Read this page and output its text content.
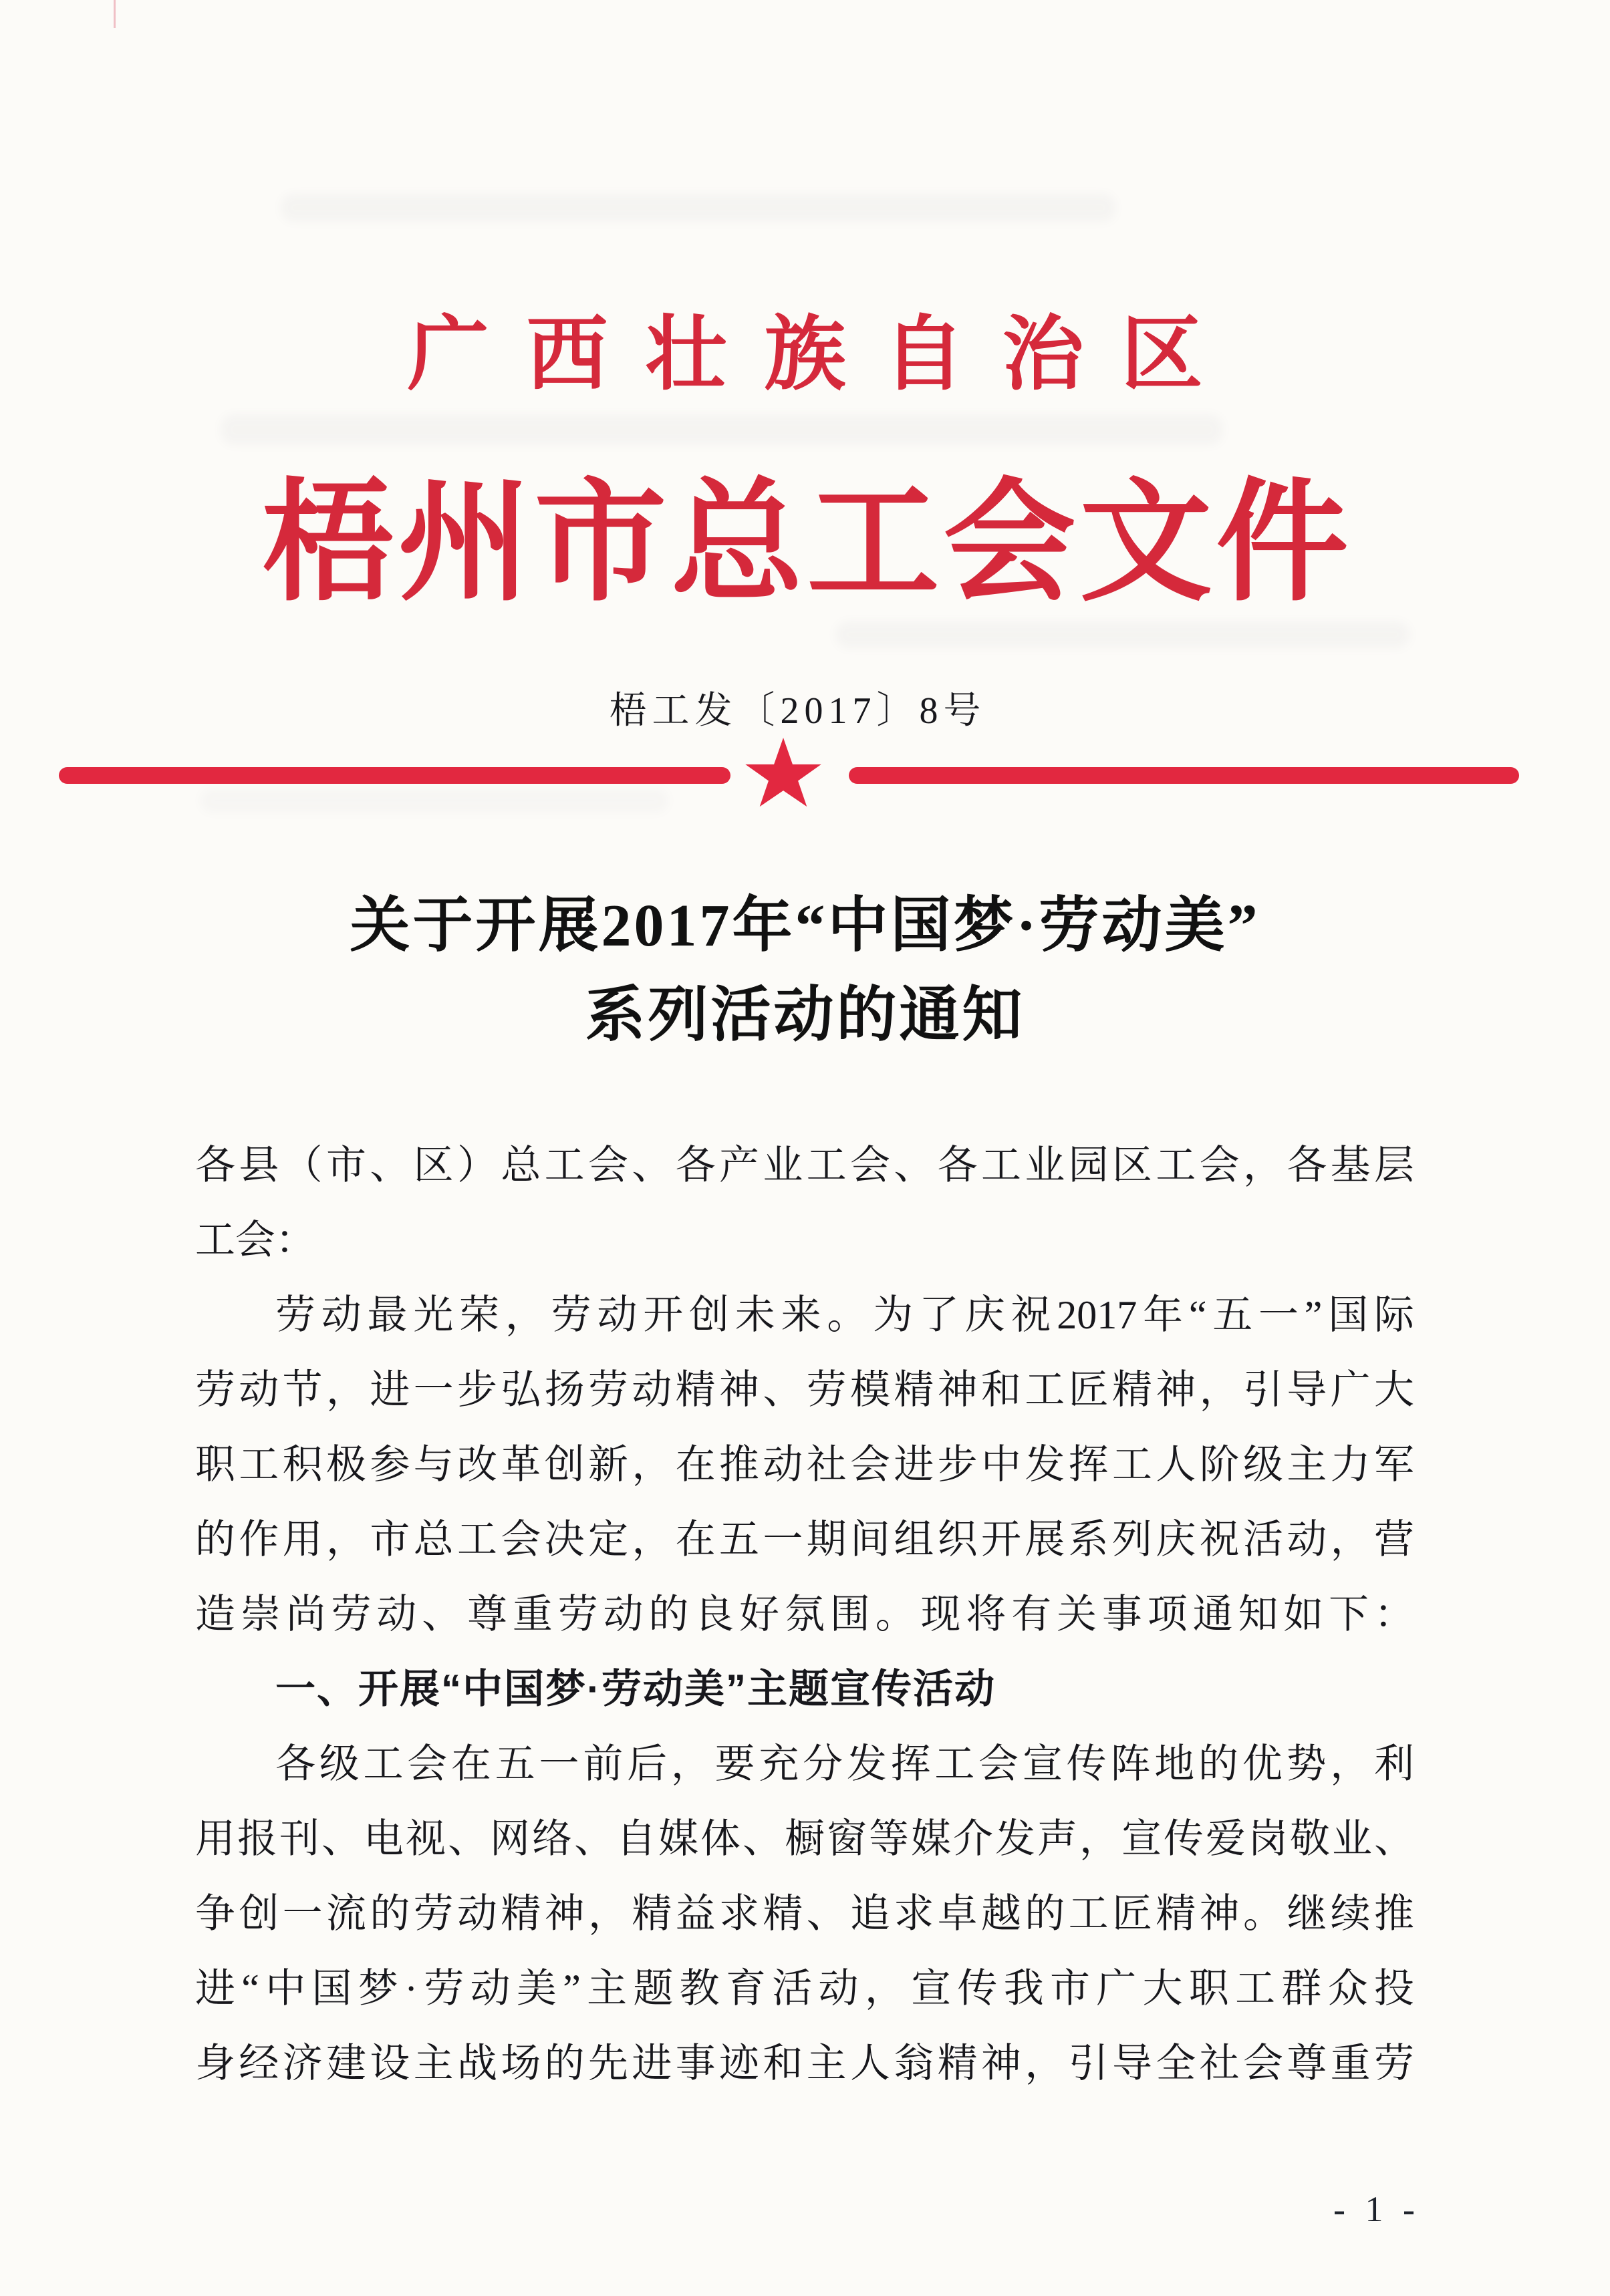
广西壮族自治区
梧州市总工会文件
梧工发〔2017〕8号
关于开展2017年“中国梦·劳动美”
系列活动的通知
各县（市、区）总工会、各产业工会、各工业园区工会，各基层
工会：
劳动最光荣，劳动开创未来。为了庆祝2017年“五一”国际
劳动节，进一步弘扬劳动精神、劳模精神和工匠精神，引导广大
职工积极参与改革创新，在推动社会进步中发挥工人阶级主力军
的作用，市总工会决定，在五一期间组织开展系列庆祝活动，营
造崇尚劳动、尊重劳动的良好氛围。现将有关事项通知如下：
一、开展“中国梦·劳动美”主题宣传活动
各级工会在五一前后，要充分发挥工会宣传阵地的优势，利
用报刊、电视、网络、自媒体、橱窗等媒介发声，宣传爱岗敬业、
争创一流的劳动精神，精益求精、追求卓越的工匠精神。继续推
进“中国梦·劳动美”主题教育活动，宣传我市广大职工群众投
身经济建设主战场的先进事迹和主人翁精神，引导全社会尊重劳
- 1 -
